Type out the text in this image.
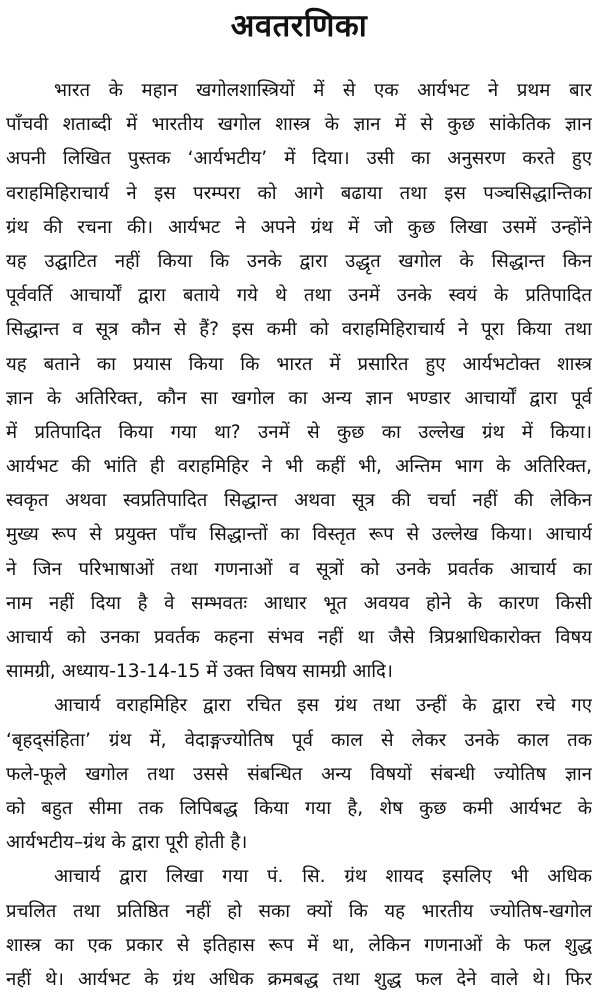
अवतरणिका
भारत के महान खगोलशास्त्रियों में से एक आर्यभट ने प्रथम बार
पाँचवी शताब्दी में भारतीय खगोल शास्त्र के ज्ञान में से कुछ सांकेतिक ज्ञान
अपनी लिखित पुस्तक ‘आर्यभटीय’ में दिया। उसी का अनुसरण करते हुए
वराहमिहिराचार्य ने इस परम्परा को आगे बढाया तथा इस पञ्चसिद्धान्तिका
ग्रंथ की रचना की। आर्यभट ने अपने ग्रंथ में जो कुछ लिखा उसमें उन्होंने
यह उद्घाटित नहीं किया कि उनके द्वारा उद्धृत खगोल के सिद्धान्त किन
पूर्ववर्ति आचार्यों द्वारा बताये गये थे तथा उनमें उनके स्वयं के प्रतिपादित
सिद्धान्त व सूत्र कौन से हैं? इस कमी को वराहमिहिराचार्य ने पूरा किया तथा
यह बताने का प्रयास किया कि भारत में प्रसारित हुए आर्यभटोक्त शास्त्र
ज्ञान के अतिरिक्त, कौन सा खगोल का अन्य ज्ञान भण्डार आचार्यों द्वारा पूर्व
में प्रतिपादित किया गया था? उनमें से कुछ का उल्लेख ग्रंथ में किया।
आर्यभट की भांति ही वराहमिहिर ने भी कहीं भी, अन्तिम भाग के अतिरिक्त,
स्वकृत अथवा स्वप्रतिपादित सिद्धान्त अथवा सूत्र की चर्चा नहीं की लेकिन
मुख्य रूप से प्रयुक्त पाँच सिद्धान्तों का विस्तृत रूप से उल्लेख किया। आचार्य
ने जिन परिभाषाओं तथा गणनाओं व सूत्रों को उनके प्रवर्तक आचार्य का
नाम नहीं दिया है वे सम्भवतः आधार भूत अवयव होने के कारण किसी
आचार्य को उनका प्रवर्तक कहना संभव नहीं था जैसे त्रिप्रश्नाधिकारोक्त विषय
सामग्री, अध्याय-13-14-15 में उक्त विषय सामग्री आदि।
आचार्य वराहमिहिर द्वारा रचित इस ग्रंथ तथा उन्हीं के द्वारा रचे गए
‘बृहद्संहिता’ ग्रंथ में, वेदाङ्गज्योतिष पूर्व काल से लेकर उनके काल तक
फले-फूले खगोल तथा उससे संबन्धित अन्य विषयों संबन्धी ज्योतिष ज्ञान
को बहुत सीमा तक लिपिबद्ध किया गया है, शेष कुछ कमी आर्यभट के
आर्यभटीय–ग्रंथ के द्वारा पूरी होती है।
आचार्य द्वारा लिखा गया पं. सि. ग्रंथ शायद इसलिए भी अधिक
प्रचलित तथा प्रतिष्ठित नहीं हो सका क्यों कि यह भारतीय ज्योतिष-खगोल
शास्त्र का एक प्रकार से इतिहास रूप में था, लेकिन गणनाओं के फल शुद्ध
नहीं थे। आर्यभट के ग्रंथ अधिक क्रमबद्ध तथा शुद्ध फल देने वाले थे। फिर
